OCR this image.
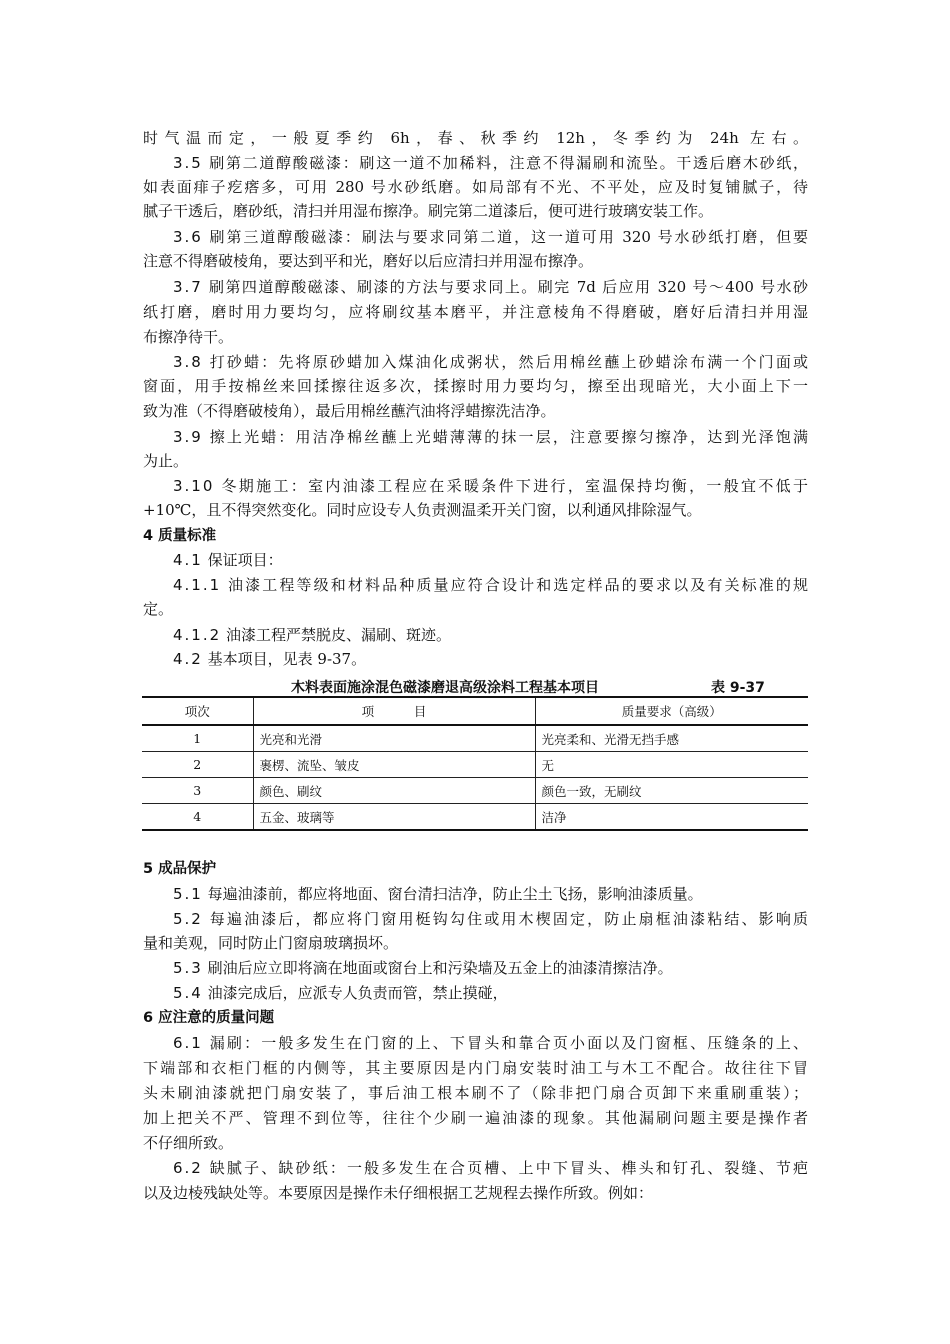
时气温而定，一般夏季约 6h，春、秋季约 12h，冬季约为 24h 左右。
3.5 刷第二道醇酸磁漆：刷这一道不加稀料，注意不得漏刷和流坠。干透后磨木砂纸，
如表面痱子疙瘩多，可用 280 号水砂纸磨。如局部有不光、不平处，应及时复铺腻子，待
腻子干透后，磨砂纸，清扫并用湿布擦净。刷完第二道漆后，便可进行玻璃安装工作。
3.6 刷第三道醇酸磁漆：刷法与要求同第二道，这一道可用 320 号水砂纸打磨，但要
注意不得磨破棱角，要达到平和光，磨好以后应清扫并用湿布擦净。
3.7 刷第四道醇酸磁漆、刷漆的方法与要求同上。刷完 7d 后应用 320 号～400 号水砂
纸打磨，磨时用力要均匀，应将刷纹基本磨平，并注意棱角不得磨破，磨好后清扫并用湿
布擦净待干。
3.8 打砂蜡：先将原砂蜡加入煤油化成粥状，然后用棉丝蘸上砂蜡涂布满一个门面或
窗面，用手按棉丝来回揉擦往返多次，揉擦时用力要均匀，擦至出现暗光，大小面上下一
致为准（不得磨破棱角），最后用棉丝蘸汽油将浮蜡擦洗洁净。
3.9 擦上光蜡：用洁净棉丝蘸上光蜡薄薄的抹一层，注意要擦匀擦净，达到光泽饱满
为止。
3.10 冬期施工：室内油漆工程应在采暖条件下进行，室温保持均衡，一般宜不低于
+10℃，且不得突然变化。同时应设专人负责测温柔开关门窗，以利通风排除湿气。
4 质量标准
4.1 保证项目：
4.1.1 油漆工程等级和材料品种质量应符合设计和选定样品的要求以及有关标准的规
定。
4.1.2 油漆工程严禁脱皮、漏刷、斑迹。
4.2 基本项目，见表 9-37。
木料表面施涂混色磁漆磨退高级涂料工程基本项目	表 9-37
项次	项          目	质量要求（高级）
1	光亮和光滑	光亮柔和、光滑无挡手感
2	裹楞、流坠、皱皮	无
3	颜色、刷纹	颜色一致，无刷纹
4	五金、玻璃等	洁净
5 成品保护
5.1 每遍油漆前，都应将地面、窗台清扫洁净，防止尘土飞扬，影响油漆质量。
5.2 每遍油漆后，都应将门窗用梃钩勾住或用木楔固定，防止扇框油漆粘结、影响质
量和美观，同时防止门窗扇玻璃损坏。
5.3 刷油后应立即将滴在地面或窗台上和污染墙及五金上的油漆清擦洁净。
5.4 油漆完成后，应派专人负责而管，禁止摸碰，
6 应注意的质量问题
6.1 漏刷：一般多发生在门窗的上、下冒头和靠合页小面以及门窗框、压缝条的上、
下端部和衣柜门框的内侧等，其主要原因是内门扇安装时油工与木工不配合。故往往下冒
头未刷油漆就把门扇安装了，事后油工根本刷不了（除非把门扇合页卸下来重刷重装）；
加上把关不严、管理不到位等，往往个少刷一遍油漆的现象。其他漏刷问题主要是操作者
不仔细所致。
6.2 缺腻子、缺砂纸：一般多发生在合页槽、上中下冒头、榫头和钉孔、裂缝、节疤
以及边棱残缺处等。本要原因是操作未仔细根据工艺规程去操作所致。例如：
